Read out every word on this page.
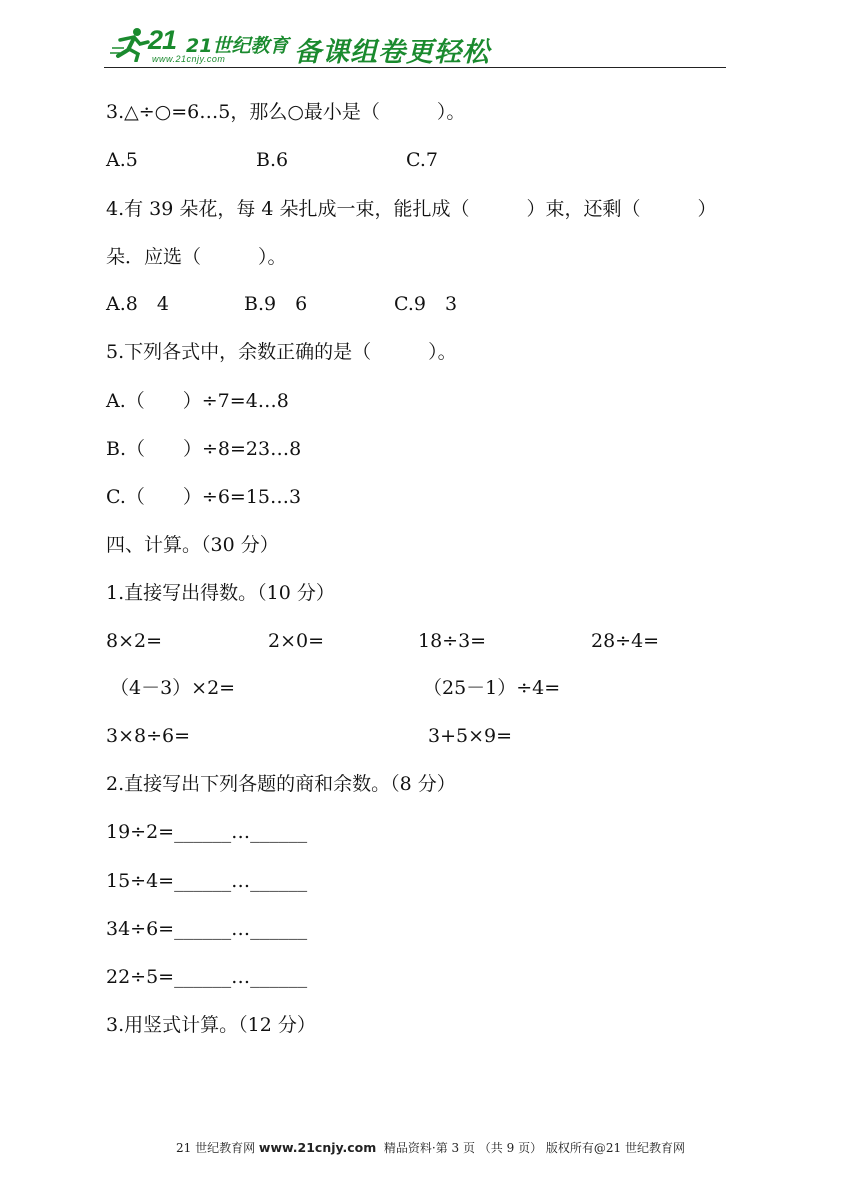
21 21世纪教育
www.21cnjy.com	备课组卷更轻松
3.△÷○=6…5，那么○最小是（　　　）。
A.5	B.6	C.7
4.有 39 朵花，每 4 朵扎成一束，能扎成（　　　）束，还剩（　　　）
朵．应选（　　　）。
A.8　4	B.9　6	C.9　3
5.下列各式中，余数正确的是（　　　）。
A.（　　）÷7=4…8
B.（　　）÷8=23…8
C.（　　）÷6=15…3
四、计算。（30 分）
1.直接写出得数。（10 分）
8×2=	2×0=	18÷3=	28÷4=
（4－3）×2=	（25－1）÷4=
3×8÷6=	3+5×9=
2.直接写出下列各题的商和余数。（8 分）
19÷2=______…______
15÷4=______…______
34÷6=______…______
22÷5=______…______
3.用竖式计算。（12 分）
21 世纪教育网 www.21cnjy.com  精品资料·第 3 页 （共 9 页） 版权所有@21 世纪教育网
